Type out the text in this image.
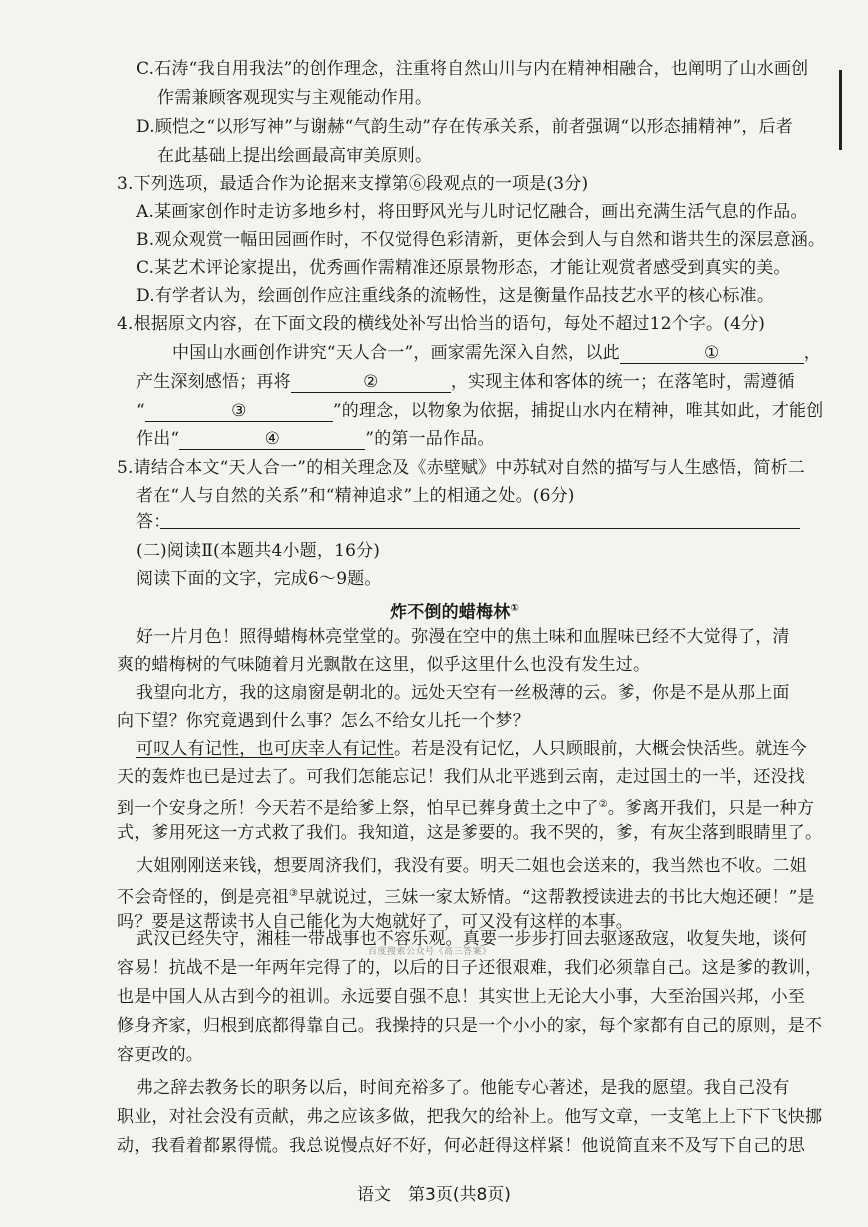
C.石涛“我自用我法”的创作理念，注重将自然山川与内在精神相融合，也阐明了山水画创
作需兼顾客观现实与主观能动作用。
D.顾恺之“以形写神”与谢赫“气韵生动”存在传承关系，前者强调“以形态捕精神”，后者
在此基础上提出绘画最高审美原则。
3.下列选项，最适合作为论据来支撑第⑥段观点的一项是(3分)
A.某画家创作时走访多地乡村，将田野风光与儿时记忆融合，画出充满生活气息的作品。
B.观众观赏一幅田园画作时，不仅觉得色彩清新，更体会到人与自然和谐共生的深层意涵。
C.某艺术评论家提出，优秀画作需精准还原景物形态，才能让观赏者感受到真实的美。
D.有学者认为，绘画创作应注重线条的流畅性，这是衡量作品技艺水平的核心标准。
4.根据原文内容，在下面文段的横线处补写出恰当的语句，每处不超过12个字。(4分)
中国山水画创作讲究“天人合一”，画家需先深入自然，以此	①	，
产生深刻感悟；再将	②	，实现主体和客体的统一；在落笔时，需遵循
“	③	”的理念，以物象为依据，捕捉山水内在精神，唯其如此，才能创
作出“	④	”的第一品作品。
5.请结合本文“天人合一”的相关理念及《赤壁赋》中苏轼对自然的描写与人生感悟，简析二
者在“人与自然的关系”和“精神追求”上的相通之处。(6分)
答：
(二)阅读Ⅱ(本题共4小题，16分)
阅读下面的文字，完成6～9题。
炸不倒的蜡梅林①
好一片月色！照得蜡梅林亮堂堂的。弥漫在空中的焦土味和血腥味已经不大觉得了，清
爽的蜡梅树的气味随着月光飘散在这里，似乎这里什么也没有发生过。
我望向北方，我的这扇窗是朝北的。远处天空有一丝极薄的云。爹，你是不是从那上面
向下望？你究竟遇到什么事？怎么不给女儿托一个梦？
可叹人有记性，也可庆幸人有记性。若是没有记忆，人只顾眼前，大概会快活些。就连今
天的轰炸也已是过去了。可我们怎能忘记！我们从北平逃到云南，走过国土的一半，还没找
到一个安身之所！今天若不是给爹上祭，怕早已葬身黄土之中了②。爹离开我们，只是一种方
式，爹用死这一方式救了我们。我知道，这是爹要的。我不哭的，爹，有灰尘落到眼睛里了。
大姐刚刚送来钱，想要周济我们，我没有要。明天二姐也会送来的，我当然也不收。二姐
不会奇怪的，倒是亮祖③早就说过，三妹一家太矫情。“这帮教授读进去的书比大炮还硬！”是
吗？要是这帮读书人自己能化为大炮就好了，可又没有这样的本事。
武汉已经失守，湘桂一带战事也不容乐观。真要一步步打回去驱逐敌寇，收复失地，谈何
百度搜索公众号《高三答案》
容易！抗战不是一年两年完得了的，以后的日子还很艰难，我们必须靠自己。这是爹的教训，
也是中国人从古到今的祖训。永远要自强不息！其实世上无论大小事，大至治国兴邦，小至
修身齐家，归根到底都得靠自己。我操持的只是一个小小的家，每个家都有自己的原则，是不
容更改的。
弗之辞去教务长的职务以后，时间充裕多了。他能专心著述，是我的愿望。我自己没有
职业，对社会没有贡献，弗之应该多做，把我欠的给补上。他写文章，一支笔上上下下飞快挪
动，我看着都累得慌。我总说慢点好不好，何必赶得这样紧！他说简直来不及写下自己的思
语文　第3页(共8页)
